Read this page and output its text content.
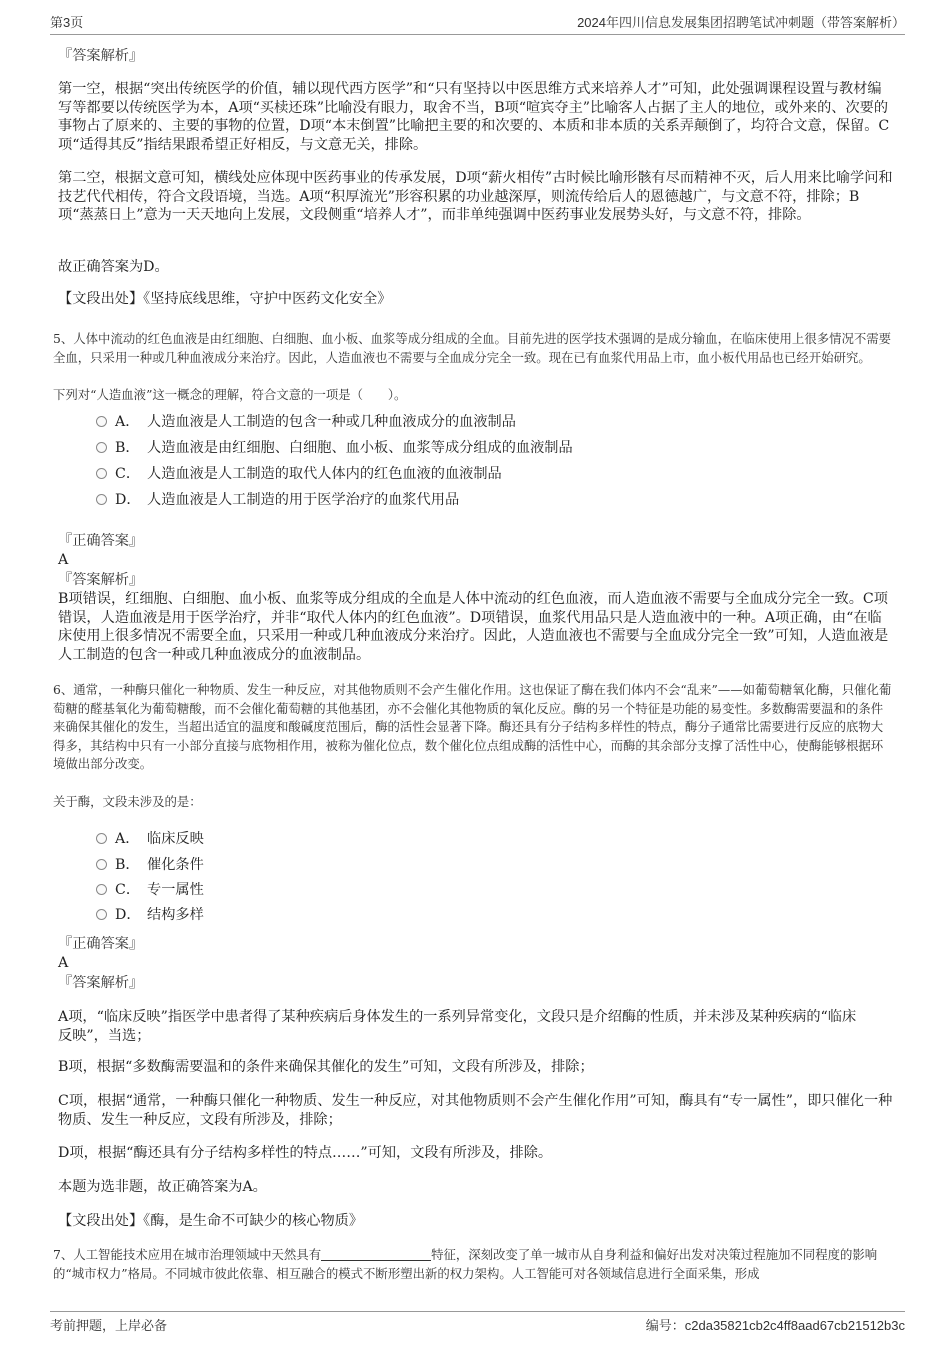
第3页	2024年四川信息发展集团招聘笔试冲刺题（带答案解析）
『答案解析』

第一空，根据“突出传统医学的价值，辅以现代西方医学”和“只有坚持以中医思维方式来培养人才”可知，此处强调课程设置与教材编写等都要以传统医学为本，A项“买椟还珠”比喻没有眼力，取舍不当，B项“喧宾夺主”比喻客人占据了主人的地位，或外来的、次要的事物占了原来的、主要的事物的位置，D项“本末倒置”比喻把主要的和次要的、本质和非本质的关系弄颠倒了，均符合文意，保留。C项“适得其反”指结果跟希望正好相反，与文意无关，排除。

第二空，根据文意可知，横线处应体现中医药事业的传承发展，D项“薪火相传”古时候比喻形骸有尽而精神不灭，后人用来比喻学问和技艺代代相传，符合文段语境，当选。A项“积厚流光”形容积累的功业越深厚，则流传给后人的恩德越广，与文意不符，排除；B项“蒸蒸日上”意为一天天地向上发展，文段侧重“培养人才”，而非单纯强调中医药事业发展势头好，与文意不符，排除。

故正确答案为D。
【文段出处】《坚持底线思维，守护中医药文化安全》

5、人体中流动的红色血液是由红细胞、白细胞、血小板、血浆等成分组成的全血。目前先进的医学技术强调的是成分输血，在临床使用上很多情况不需要全血，只采用一种或几种血液成分来治疗。因此，人造血液也不需要与全血成分完全一致。现在已有血浆代用品上市，血小板代用品也已经开始研究。

下列对“人造血液”这一概念的理解，符合文意的一项是（　　）。
A． 人造血液是人工制造的包含一种或几种血液成分的血液制品
B． 人造血液是由红细胞、白细胞、血小板、血浆等成分组成的血液制品
C． 人造血液是人工制造的取代人体内的红色血液的血液制品
D． 人造血液是人工制造的用于医学治疗的血浆代用品
『正确答案』
A
『答案解析』

B项错误，红细胞、白细胞、血小板、血浆等成分组成的全血是人体中流动的红色血液，而人造血液不需要与全血成分完全一致。C项错误，人造血液是用于医学治疗，并非“取代人体内的红色血液”。D项错误，血浆代用品只是人造血液中的一种。A项正确，由“在临床使用上很多情况不需要全血，只采用一种或几种血液成分来治疗。因此，人造血液也不需要与全血成分完全一致”可知，人造血液是人工制造的包含一种或几种血液成分的血液制品。

6、通常，一种酶只催化一种物质、发生一种反应，对其他物质则不会产生催化作用。这也保证了酶在我们体内不会“乱来”——如葡萄糖氧化酶，只催化葡萄糖的醛基氧化为葡萄糖酸，而不会催化葡萄糖的其他基团，亦不会催化其他物质的氧化反应。酶的另一个特征是功能的易变性。多数酶需要温和的条件来确保其催化的发生，当超出适宜的温度和酸碱度范围后，酶的活性会显著下降。酶还具有分子结构多样性的特点，酶分子通常比需要进行反应的底物大得多，其结构中只有一小部分直接与底物相作用，被称为催化位点，数个催化位点组成酶的活性中心，而酶的其余部分支撑了活性中心，使酶能够根据环境做出部分改变。

关于酶，文段未涉及的是：
A． 临床反映
B． 催化条件
C． 专一属性
D． 结构多样
『正确答案』
A
『答案解析』

A项，“临床反映”指医学中患者得了某种疾病后身体发生的一系列异常变化，文段只是介绍酶的性质，并未涉及某种疾病的“临床反映”，当选；

B项，根据“多数酶需要温和的条件来确保其催化的发生”可知，文段有所涉及，排除；

C项，根据“通常，一种酶只催化一种物质、发生一种反应，对其他物质则不会产生催化作用”可知，酶具有“专一属性”，即只催化一种物质、发生一种反应，文段有所涉及，排除；

D项，根据“酶还具有分子结构多样性的特点……”可知，文段有所涉及，排除。

本题为选非题，故正确答案为A。
【文段出处】《酶，是生命不可缺少的核心物质》

7、人工智能技术应用在城市治理领域中天然具有	特征，深刻改变了单一城市从自身利益和偏好出发对决策过程施加不同程度的影响的“城市权力”格局。不同城市彼此依靠、相互融合的模式不断形塑出新的权力架构。人工智能可对各领域信息进行全面采集，形成

考前押题，上岸必备	编号：c2da35821cb2c4ff8aad67cb21512b3c
